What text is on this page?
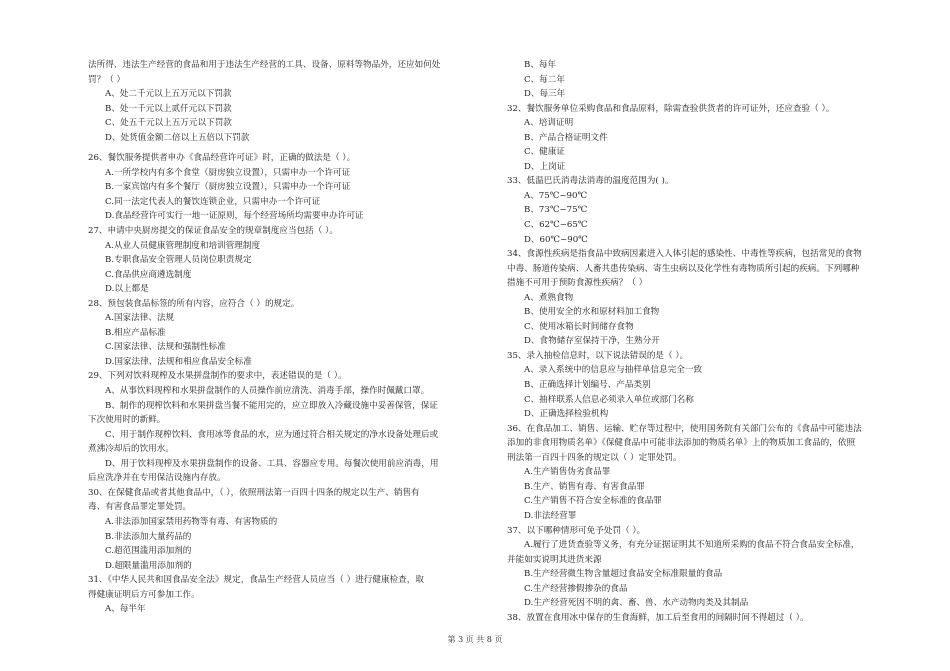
法所得、违法生产经营的食品和用于违法生产经营的工具、设备、原料等物品外，还应如何处
罚？（ ）
A、处二千元以上五万元以下罚款
B、处一千元以上贰仟元以下罚款
C、处五千元以上五万元以下罚款
D、处货值金额二倍以上五倍以下罚款
26、餐饮服务提供者申办《食品经营许可证》时，正确的做法是（ ）。
A.一所学校内有多个食堂（厨房独立设置），只需申办一个许可证
B.一家宾馆内有多个餐厅（厨房独立设置），只需申办一个许可证
C.同一法定代表人的餐饮连锁企业，只需申办一个许可证
D.食品经营许可实行一地一证原则，每个经营场所均需要申办许可证
27、申请中央厨房提交的保证食品安全的规章制度应当包括（ ）。
A.从业人员健康管理制度和培训管理制度
B.专职食品安全管理人员岗位职责规定
C.食品供应商遴选制度
D.以上都是
28、预包装食品标签的所有内容，应符合（ ）的规定。
A.国家法律、法规
B.相应产品标准
C.国家法律、法规和强制性标准
D.国家法律、法规和相应食品安全标准
29、下列对饮料现榨及水果拼盘制作的要求中，表述错误的是（ ）。
A、从事饮料现榨和水果拼盘制作的人员操作前应清洗、消毒手部，操作时佩戴口罩。
B、制作的现榨饮料和水果拼盘当餐不能用完的，应立即放入冷藏设施中妥善保管，保证
下次使用时的新鲜。
C、用于制作现榨饮料、食用冰等食品的水，应为通过符合相关规定的净水设备处理后或
煮沸冷却后的饮用水。
D、用于饮料现榨及水果拼盘制作的设备、工具、容器应专用。每餐次使用前应消毒，用
后应洗净并在专用保洁设施内存放。
30、在保健食品或者其他食品中，（ ），依照刑法第一百四十四条的规定以生产、销售有
毒、有害食品罪定罪处罚。
A.非法添加国家禁用药物等有毒、有害物质的
B.非法添加大量药品的
C.超范围滥用添加剂的
D.超限量滥用添加剂的
31、《中华人民共和国食品安全法》规定，食品生产经营人员应当（ ）进行健康检查，取
得健康证明后方可参加工作。
A、每半年
B、每年
C、每二年
D、每三年
32、餐饮服务单位采购食品和食品原料，除需查验供货者的许可证外，还应查验（ ）。
A、培训证明
B、产品合格证明文件
C、健康证
D、上岗证
33、低温巴氏消毒法消毒的温度范围为( )。
A、75℃~90℃
B、73℃~75℃
C、62℃~65℃
D、60℃~90℃
34、食源性疾病是指食品中致病因素进入人体引起的感染性、中毒性等疾病，包括常见的食物
中毒、肠道传染病、人畜共患传染病、寄生虫病以及化学性有毒物质所引起的疾病。下列哪种
措施不可用于预防食源性疾病？（ ）
A、煮熟食物
B、使用安全的水和原材料加工食物
C、使用冰箱长时间储存食物
D、食物储存室保持干净，生熟分开
35、录入抽检信息时，以下说法错误的是（ ）。
A、录入系统中的信息应与抽样单信息完全一致
B、正确选择计划编号、产品类别
C、抽样联系人信息必须录入单位或部门名称
D、正确选择检验机构
36、在食品加工、销售、运输、贮存等过程中，使用国务院有关部门公布的《食品中可能违法
添加的非食用物质名单》《保健食品中可能非法添加的物质名单》上的物质加工食品的，依照
刑法第一百四十四条的规定以（ ）定罪处罚。
A.生产销售伪劣食品罪
B.生产、销售有毒、有害食品罪
C.生产销售不符合安全标准的食品罪
D.非法经营罪
37、以下哪种情形可免予处罚（ ）。
A.履行了进货查验等义务，有充分证据证明其不知道所采购的食品不符合食品安全标准，
并能如实说明其进货来源
B.生产经营微生物含量超过食品安全标准限量的食品
C.生产经营掺假掺杂的食品
D.生产经营死因不明的禽、畜、兽、水产动物肉类及其制品
38、放置在食用冰中保存的生食海鲜，加工后至食用的间隔时间不得超过（ ）。
第 3 页 共 8 页
